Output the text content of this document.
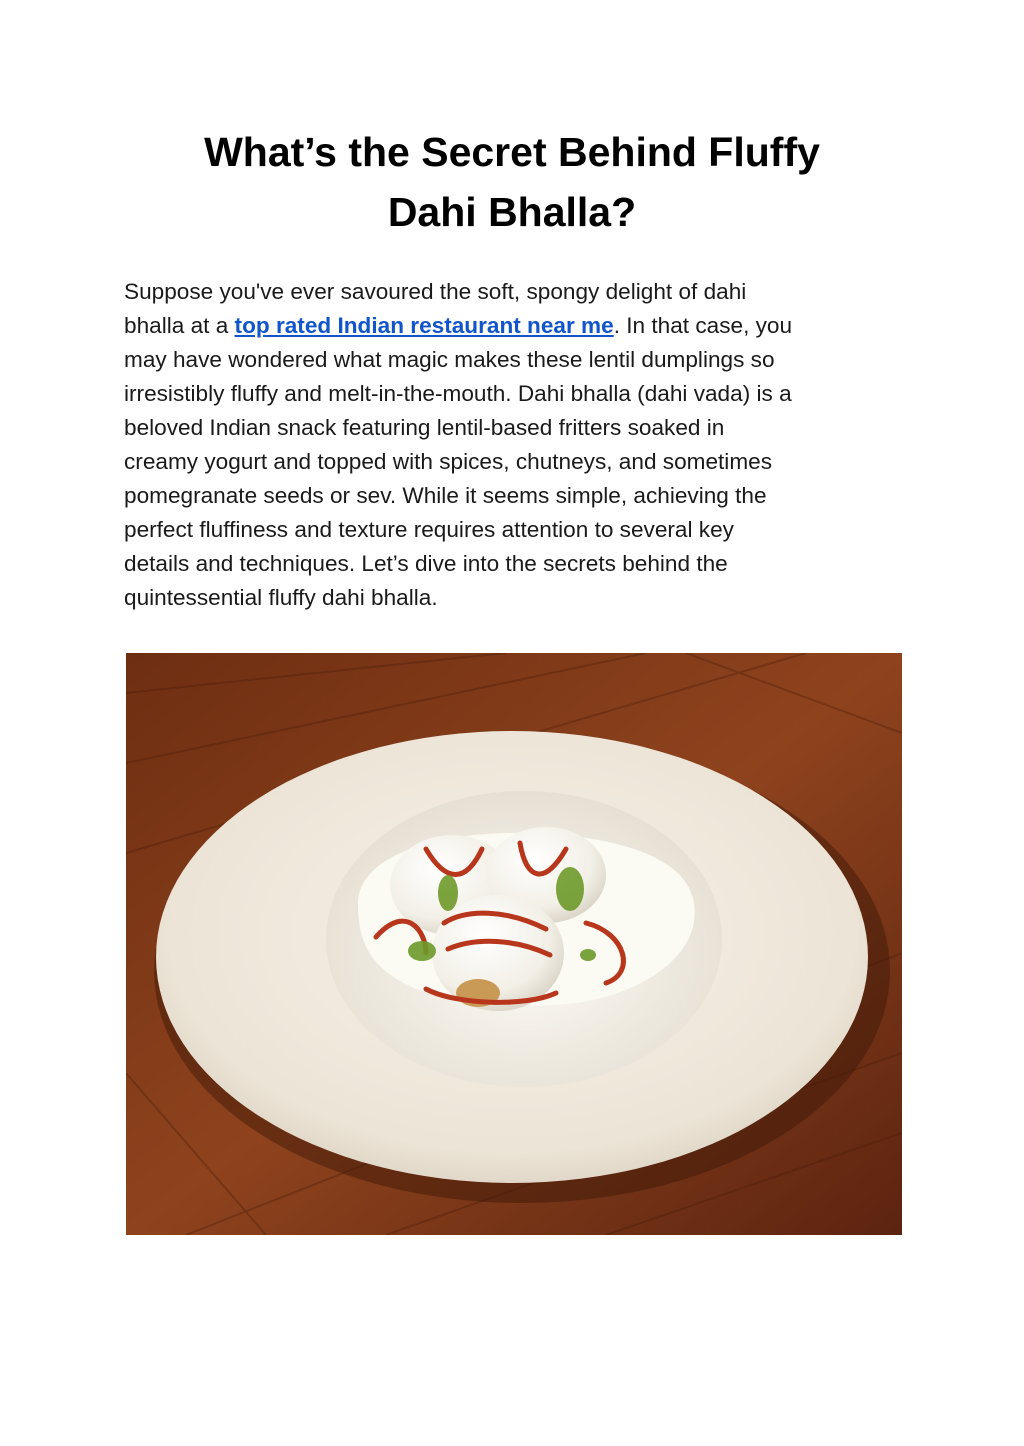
What’s the Secret Behind Fluffy
Dahi Bhalla?

Suppose you've ever savoured the soft, spongy delight of dahi
bhalla at a top rated Indian restaurant near me. In that case, you
may have wondered what magic makes these lentil dumplings so
irresistibly fluffy and melt-in-the-mouth. Dahi bhalla (dahi vada) is a
beloved Indian snack featuring lentil-based fritters soaked in
creamy yogurt and topped with spices, chutneys, and sometimes
pomegranate seeds or sev. While it seems simple, achieving the
perfect fluffiness and texture requires attention to several key
details and techniques. Let’s dive into the secrets behind the
quintessential fluffy dahi bhalla.
